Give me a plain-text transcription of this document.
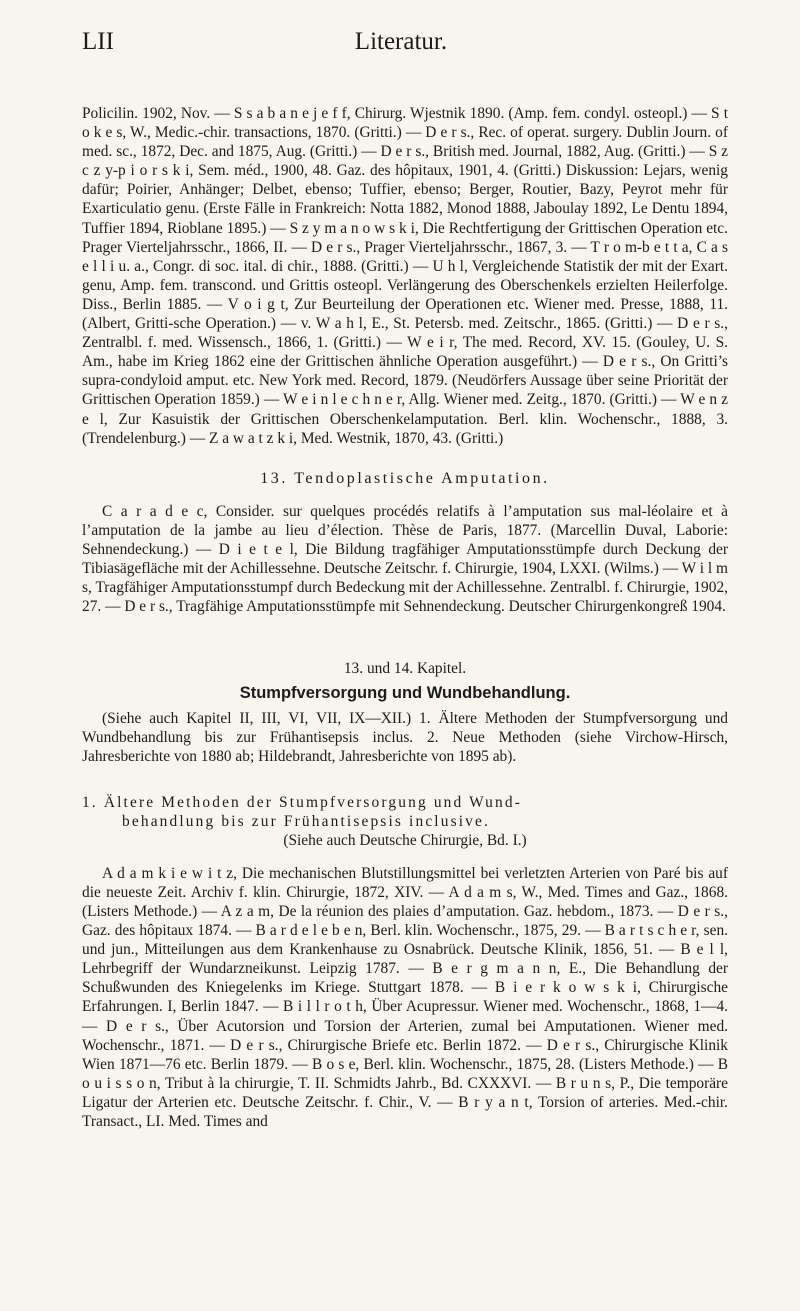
LII	Literatur.

Policilin. 1902, Nov. — S s a b a n e j e f f, Chirurg. Wjestnik 1890. (Amp. fem. condyl. osteopl.) — S t o k e s, W., Medic.-chir. transactions, 1870. (Gritti.) — D e r s., Rec. of operat. surgery. Dublin Journ. of med. sc., 1872, Dec. and 1875, Aug. (Gritti.) — D e r s., British med. Journal, 1882, Aug. (Gritti.) — S z c z y-p i o r s k i, Sem. méd., 1900, 48. Gaz. des hôpitaux, 1901, 4. (Gritti.) Diskussion: Lejars, wenig dafür; Poirier, Anhänger; Delbet, ebenso; Tuffier, ebenso; Berger, Routier, Bazy, Peyrot mehr für Exarticulatio genu. (Erste Fälle in Frankreich: Notta 1882, Monod 1888, Jaboulay 1892, Le Dentu 1894, Tuffier 1894, Rioblane 1895.) — S z y m a n o w s k i, Die Rechtfertigung der Grittischen Operation etc. Prager Vierteljahrsschr., 1866, II. — D e r s., Prager Vierteljahrsschr., 1867, 3. — T r o m-b e t t a, C a s e l l i u. a., Congr. di soc. ital. di chir., 1888. (Gritti.) — U h l, Vergleichende Statistik der mit der Exart. genu, Amp. fem. transcond. und Grittis osteopl. Verlängerung des Oberschenkels erzielten Heilerfolge. Diss., Berlin 1885. — V o i g t, Zur Beurteilung der Operationen etc. Wiener med. Presse, 1888, 11. (Albert, Gritti-sche Operation.) — v. W a h l, E., St. Petersb. med. Zeitschr., 1865. (Gritti.) — D e r s., Zentralbl. f. med. Wissensch., 1866, 1. (Gritti.) — W e i r, The med. Record, XV. 15. (Gouley, U. S. Am., habe im Krieg 1862 eine der Grittischen ähnliche Operation ausgeführt.) — D e r s., On Gritti’s supra-condyloid amput. etc. New York med. Record, 1879. (Neudörfers Aussage über seine Priorität der Grittischen Operation 1859.) — W e i n l e c h n e r, Allg. Wiener med. Zeitg., 1870. (Gritti.) — W e n z e l, Zur Kasuistik der Grittischen Oberschenkelamputation. Berl. klin. Wochenschr., 1888, 3. (Trendelenburg.) — Z a w a t z k i, Med. Westnik, 1870, 43. (Gritti.)

13. Tendoplastische Amputation.

C a r a d e c, Consider. sur quelques procédés relatifs à l’amputation sus mal-léolaire et à l’amputation de la jambe au lieu d’élection. Thèse de Paris, 1877. (Marcellin Duval, Laborie: Sehnendeckung.) — D i e t e l, Die Bildung tragfähiger Amputationsstümpfe durch Deckung der Tibiasägefläche mit der Achillessehne. Deutsche Zeitschr. f. Chirurgie, 1904, LXXI. (Wilms.) — W i l m s, Tragfähiger Amputationsstumpf durch Bedeckung mit der Achillessehne. Zentralbl. f. Chirurgie, 1902, 27. — D e r s., Tragfähige Amputationsstümpfe mit Sehnendeckung. Deutscher Chirurgenkongreß 1904.

13. und 14. Kapitel.
Stumpfversorgung und Wundbehandlung.

(Siehe auch Kapitel II, III, VI, VII, IX—XII.) 1. Ältere Methoden der Stumpfversorgung und Wundbehandlung bis zur Frühantisepsis inclus. 2. Neue Methoden (siehe Virchow-Hirsch, Jahresberichte von 1880 ab; Hildebrandt, Jahresberichte von 1895 ab).

1. Ältere Methoden der Stumpfversorgung und Wund-
behandlung bis zur Frühantisepsis inclusive.
(Siehe auch Deutsche Chirurgie, Bd. I.)

A d a m k i e w i t z, Die mechanischen Blutstillungsmittel bei verletzten Arterien von Paré bis auf die neueste Zeit. Archiv f. klin. Chirurgie, 1872, XIV. — A d a m s, W., Med. Times and Gaz., 1868. (Listers Methode.) — A z a m, De la réunion des plaies d’amputation. Gaz. hebdom., 1873. — D e r s., Gaz. des hôpitaux 1874. — B a r d e l e b e n, Berl. klin. Wochenschr., 1875, 29. — B a r t s c h e r, sen. und jun., Mitteilungen aus dem Krankenhause zu Osnabrück. Deutsche Klinik, 1856, 51. — B e l l, Lehrbegriff der Wundarzneikunst. Leipzig 1787. — B e r g m a n n, E., Die Behandlung der Schußwunden des Kniegelenks im Kriege. Stuttgart 1878. — B i e r k o w s k i, Chirurgische Erfahrungen. I, Berlin 1847. — B i l l r o t h, Über Acupressur. Wiener med. Wochenschr., 1868, 1—4. — D e r s., Über Acutorsion und Torsion der Arterien, zumal bei Amputationen. Wiener med. Wochenschr., 1871. — D e r s., Chirurgische Briefe etc. Berlin 1872. — D e r s., Chirurgische Klinik Wien 1871—76 etc. Berlin 1879. — B o s e, Berl. klin. Wochenschr., 1875, 28. (Listers Methode.) — B o u i s s o n, Tribut à la chirurgie, T. II. Schmidts Jahrb., Bd. CXXXVI. — B r u n s, P., Die temporäre Ligatur der Arterien etc. Deutsche Zeitschr. f. Chir., V. — B r y a n t, Torsion of arteries. Med.-chir. Transact., LI. Med. Times and
